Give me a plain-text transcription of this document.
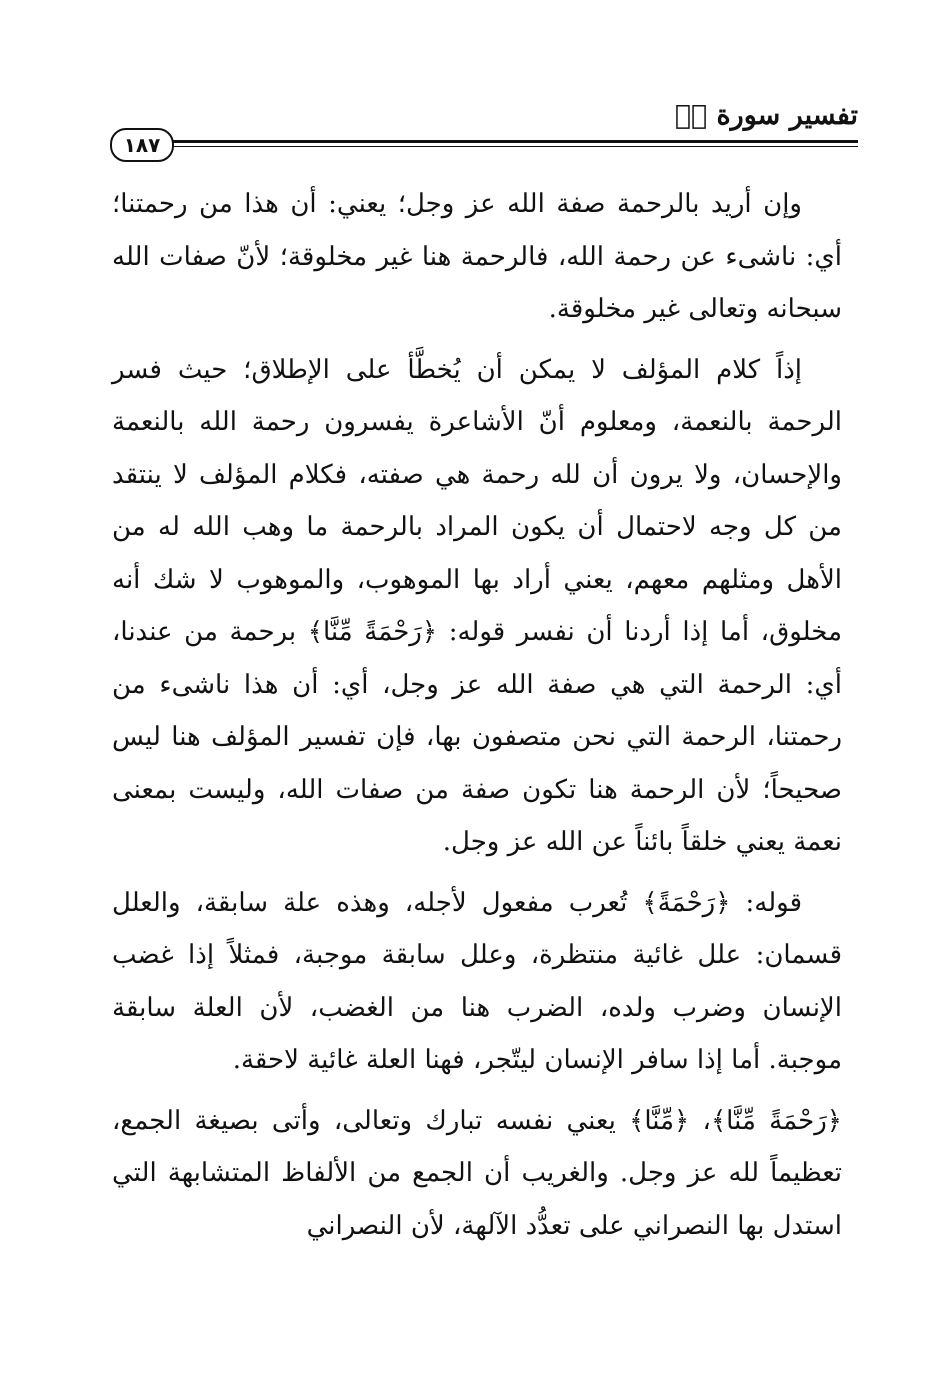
تفسير سورة صۤ
١٨٧

وإن أريد بالرحمة صفة الله عز وجل؛ يعني: أن هذا من رحمتنا؛ أي: ناشىء عن رحمة الله، فالرحمة هنا غير مخلوقة؛ لأنّ صفات الله سبحانه وتعالى غير مخلوقة.

إذاً كلام المؤلف لا يمكن أن يُخطَّأ على الإطلاق؛ حيث فسر الرحمة بالنعمة، ومعلوم أنّ الأشاعرة يفسرون رحمة الله بالنعمة والإحسان، ولا يرون أن لله رحمة هي صفته، فكلام المؤلف لا ينتقد من كل وجه لاحتمال أن يكون المراد بالرحمة ما وهب الله له من الأهل ومثلهم معهم، يعني أراد بها الموهوب، والموهوب لا شك أنه مخلوق، أما إذا أردنا أن نفسر قوله: ﴿رَحْمَةً مِّنَّا﴾ برحمة من عندنا، أي: الرحمة التي هي صفة الله عز وجل، أي: أن هذا ناشىء من رحمتنا، الرحمة التي نحن متصفون بها، فإن تفسير المؤلف هنا ليس صحيحاً؛ لأن الرحمة هنا تكون صفة من صفات الله، وليست بمعنى نعمة يعني خلقاً بائناً عن الله عز وجل.

قوله: ﴿رَحْمَةً﴾ تُعرب مفعول لأجله، وهذه علة سابقة، والعلل قسمان: علل غائية منتظرة، وعلل سابقة موجبة، فمثلاً إذا غضب الإنسان وضرب ولده، الضرب هنا من الغضب، لأن العلة سابقة موجبة. أما إذا سافر الإنسان ليتّجر، فهنا العلة غائية لاحقة.

﴿رَحْمَةً مِّنَّا﴾، ﴿مِّنَّا﴾ يعني نفسه تبارك وتعالى، وأتى بصيغة الجمع، تعظيماً لله عز وجل. والغريب أن الجمع من الألفاظ المتشابهة التي استدل بها النصراني على تعدُّد الآلهة، لأن النصراني
